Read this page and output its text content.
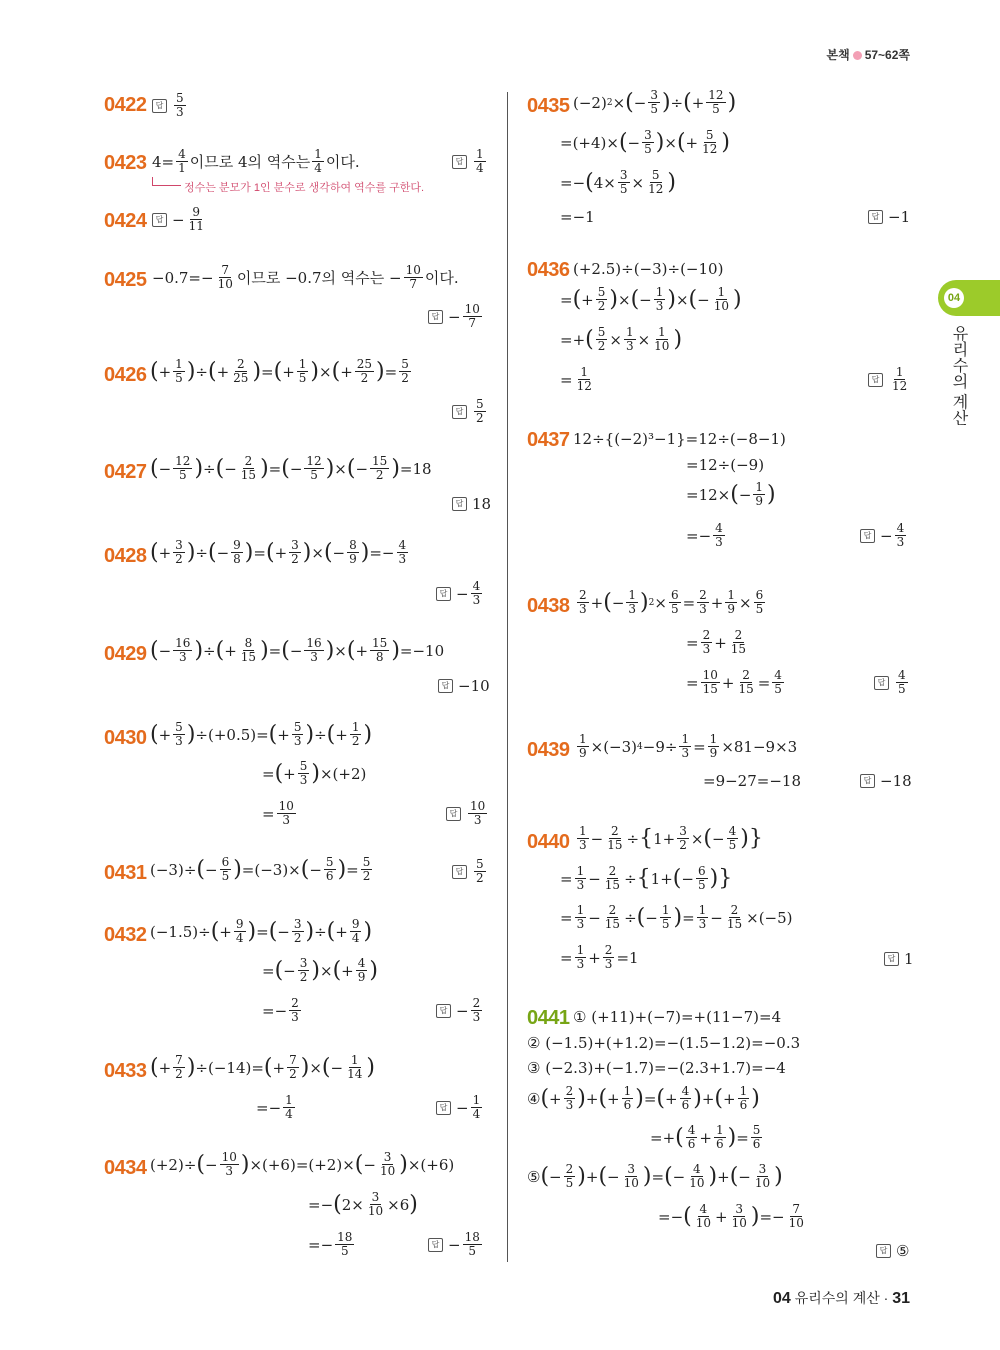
본책 57~62쪽
04
유리수의 계산
0422	답 $\frac{5}{3}$
0423 $4= \frac{4}{1}$ 이므로 4의 역수는 $\frac{1}{4}$ 이다.
정수는 분모가 1인 분수로 생각하여 역수를 구한다.
답 $\frac{1}{4}$
0424	답 − $\frac{9}{11}$
$0425 -0.7=- \frac{7}{10}$ 이므로 −0.7의 역수는 − $\frac{10}{7}$ 이다.
답 − $\frac{10}{7}$
0426 ( + $\frac{1}{5}$ ) ÷ ( + $\frac{2}{25}$ ) = ( + $\frac{1}{5}$ ) × ( + $\frac{25}{2}$ ) = $\frac{5}{2}$
답 $\frac{5}{2}$
0427 ( − $\frac{12}{5}$ ) ÷ ( − $\frac{2}{15}$ ) = ( − $\frac{12}{5}$ ) × ( − $\frac{15}{2}$ ) =18
답 18
0428 ( + $\frac{3}{2}$ ) ÷ ( − $\frac{9}{8}$ ) = ( + $\frac{3}{2}$ ) × ( − $\frac{8}{9}$ ) =− $\frac{4}{3}$
답 − $\frac{4}{3}$
0429 ( − $\frac{16}{3}$ ) ÷ ( + $\frac{8}{15}$ ) = ( − $\frac{16}{3}$ ) × ( + $\frac{15}{8}$ ) =−10
답 −10
0430 ( + $\frac{5}{3}$ ) ÷(+0.5)= ( + $\frac{5}{3}$ ) ÷ ( + $\frac{1}{2}$ )
= ( + $\frac{5}{3}$ ) ×(+2)
= $\frac{10}{3}$	답 $\frac{10}{3}$
0431 (−3)÷ ( − $\frac{6}{5}$ ) =(−3)× ( − $\frac{5}{6}$ ) = $\frac{5}{2}$	답 $\frac{5}{2}$
0432 (−1.5)÷ ( + $\frac{9}{4}$ ) = ( − $\frac{3}{2}$ ) ÷ ( + $\frac{9}{4}$ )
= ( − $\frac{3}{2}$ ) × ( + $\frac{4}{9}$ )
=− $\frac{2}{3}$	답 − $\frac{2}{3}$
0433 ( + $\frac{7}{2}$ ) ÷(−14)= ( + $\frac{7}{2}$ ) × ( − $\frac{1}{14}$ )
=− $\frac{1}{4}$	답 − $\frac{1}{4}$
0434 (+2)÷ ( − $\frac{10}{3}$ ) ×(+6)=(+2)× ( − $\frac{3}{10}$ ) ×(+6)
=− ( $2\times \frac{3}{10} \times 6$ )
=− $\frac{18}{5}$	답 − $\frac{18}{5}$
0435 (−2) 2 × ( − $\frac{3}{5}$ ) ÷ ( + $\frac{12}{5}$ )
=(+4)× ( − $\frac{3}{5}$ ) × ( + $\frac{5}{12}$ )
=− ( $4\times \frac{3}{5} \times \frac{5}{12}$ )
=−1	답 −1
0436 (+2.5)÷(−3)÷(−10)
= ( + $\frac{5}{2}$ ) × ( − $\frac{1}{3}$ ) × ( − $\frac{1}{10}$ )
=+ ( $\frac{5}{2} \times \frac{1}{3} \times \frac{1}{10}$ )
= $\frac{1}{12}$	답 $\frac{1}{12}$
0437 12÷{(−2)³−1}=12÷(−8−1)
=12÷(−9)
=12× ( − $\frac{1}{9}$ )
=− $\frac{4}{3}$	답 − $\frac{4}{3}$
$0438 \frac{2}{3}$ + ( − $\frac{1}{3}$ ) $2 \times \frac{6}{5} = \frac{2}{3} + \frac{1}{9} \times \frac{6}{5}$
= $\frac{2}{3} + \frac{2}{15}$
= $\frac{10}{15} + \frac{2}{15} = \frac{4}{5}$	답 $\frac{4}{5}$
$0439 \frac{1}{9} \times(-3)$ $4 -9\div \frac{1}{3} = \frac{1}{9} \times 81-9\times 3$
=9−27=−18	답 −18
$0440 \frac{1}{3} - \frac{2}{15}$ ÷ { $1+ \frac{3}{2}$ × ( − $\frac{4}{5}$ ) }
= $\frac{1}{3} - \frac{2}{15}$ ÷ { 1+ ( − $\frac{6}{5}$ ) }
= $\frac{1}{3} - \frac{2}{15}$ ÷ ( − $\frac{1}{5}$ ) = $\frac{1}{3} - \frac{2}{15} \times(-5)$
= $\frac{1}{3} + \frac{2}{3} =1$	답 1
0441 ① (+11)+(−7)=+(11−7)=4
② (−1.5)+(+1.2)=−(1.5−1.2)=−0.3
③ (−2.3)+(−1.7)=−(2.3+1.7)=−4
④ ( + $\frac{2}{3}$ ) + ( + $\frac{1}{6}$ ) = ( + $\frac{4}{6}$ ) + ( + $\frac{1}{6}$ )
=+ ( $\frac{4}{6} + \frac{1}{6}$ ) = $\frac{5}{6}$
⑤ ( − $\frac{2}{5}$ ) + ( − $\frac{3}{10}$ ) = ( − $\frac{4}{10}$ ) + ( − $\frac{3}{10}$ )
=− ( $\frac{4}{10} + \frac{3}{10}$ ) =− $\frac{7}{10}$
답 ⑤
04 유리수의 계산 · 31
